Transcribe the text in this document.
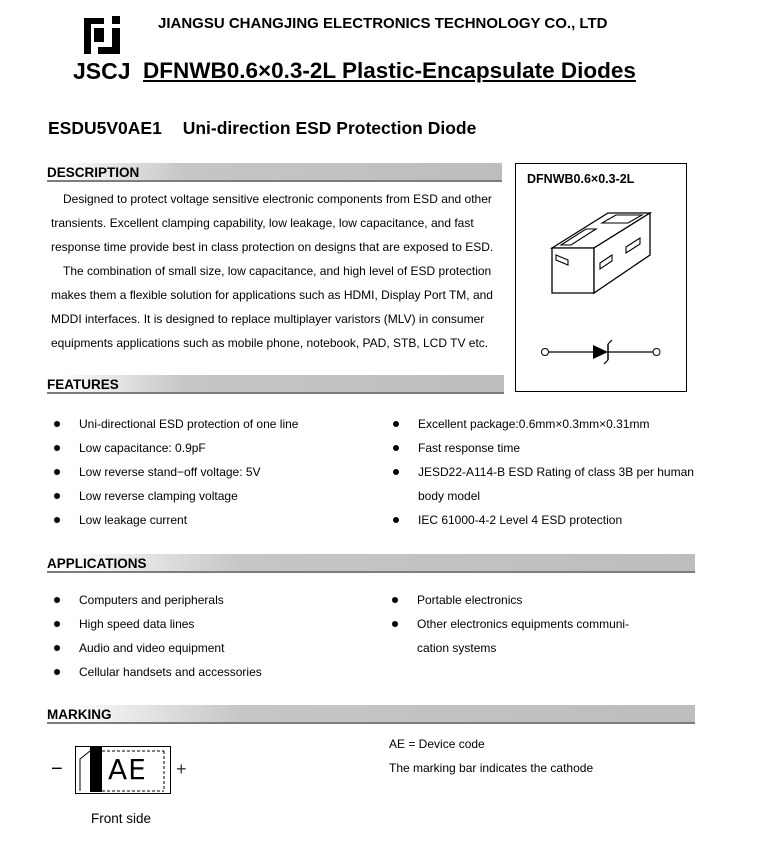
JSCJ
JIANGSU CHANGJING ELECTRONICS TECHNOLOGY CO., LTD
DFNWB0.6×0.3-2L Plastic-Encapsulate Diodes
ESDU5V0AE1 Uni-direction ESD Protection Diode
DESCRIPTION
Designed to protect voltage sensitive electronic components from ESD and other
transients. Excellent clamping capability, low leakage, low capacitance, and fast
response time provide best in class protection on designs that are exposed to ESD.
The combination of small size, low capacitance, and high level of ESD protection
makes them a flexible solution for applications such as HDMI, Display Port TM, and
MDDI interfaces. It is designed to replace multiplayer varistors (MLV) in consumer
equipments applications such as mobile phone, notebook, PAD, STB, LCD TV etc.
DFNWB0.6×0.3-2L
FEATURES
Uni-directional ESD protection of one line
Low capacitance: 0.9pF
Low reverse stand−off voltage: 5V
Low reverse clamping voltage
Low leakage current
Excellent package:0.6mm×0.3mm×0.31mm
Fast response time
JESD22-A114-B ESD Rating of class 3B per human
body model
IEC 61000-4-2 Level 4 ESD protection
APPLICATIONS
Computers and peripherals
High speed data lines
Audio and video equipment
Cellular handsets and accessories
Portable electronics
Other electronics equipments communi-
cation systems
MARKING
− AE +
AE = Device code
The marking bar indicates the cathode
Front side
